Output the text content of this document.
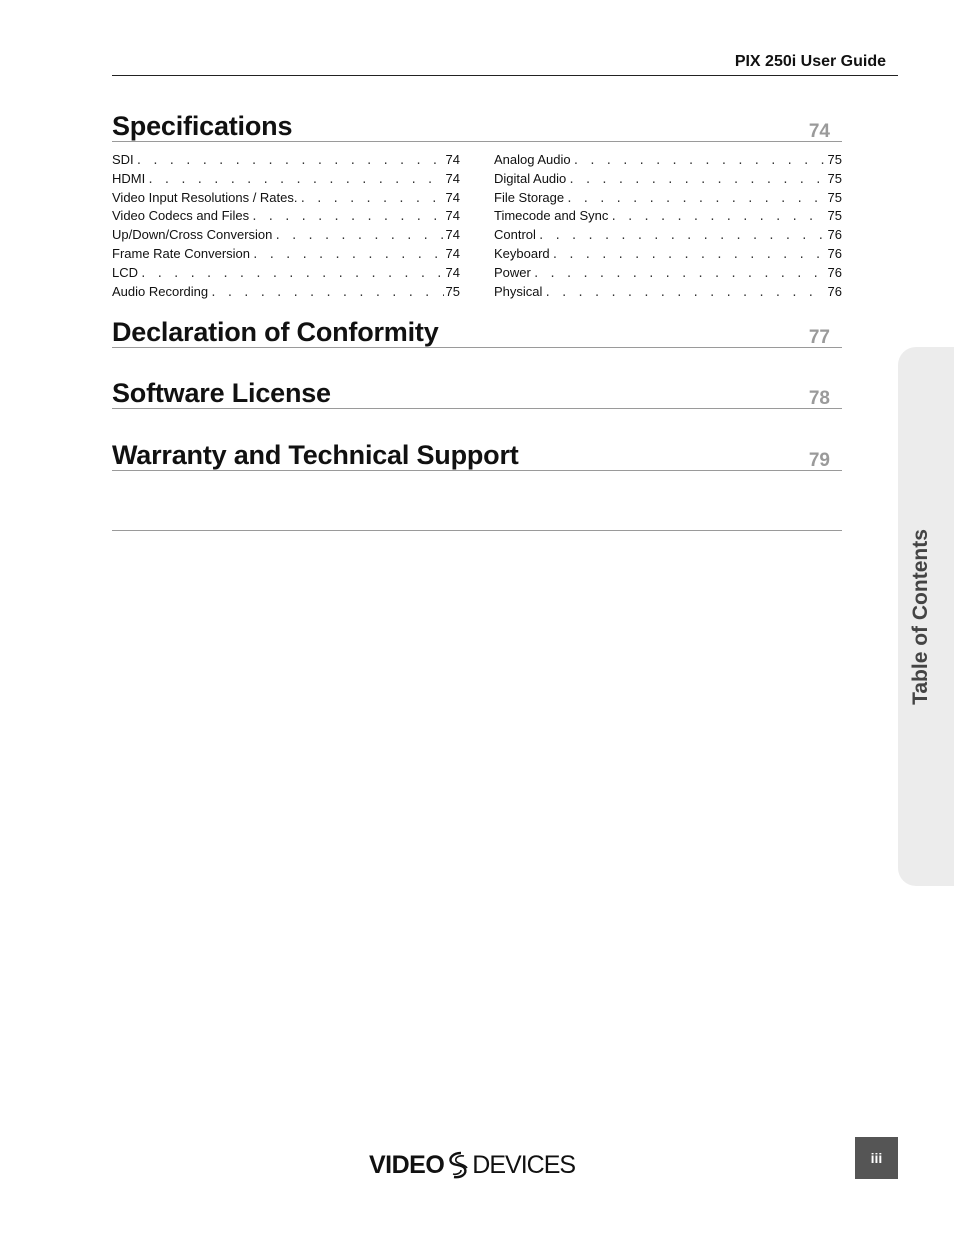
PIX 250i User Guide
Specifications	74
SDI . . .	74
HDMI . . .	74
Video Input Resolutions / Rates. . . .	74
Video Codecs and Files . . .	74
Up/Down/Cross Conversion . . .	74
Frame Rate Conversion . . .	74
LCD . . .	74
Audio Recording . . .	75
Analog Audio . . .	75
Digital Audio . . .	75
File Storage . . .	75
Timecode and Sync . . .	75
Control . . .	76
Keyboard . . .	76
Power . . .	76
Physical . . .	76
Declaration of Conformity	77
Software License	78
Warranty and Technical Support	79
Table of Contents
VIDEO DEVICES	iii
